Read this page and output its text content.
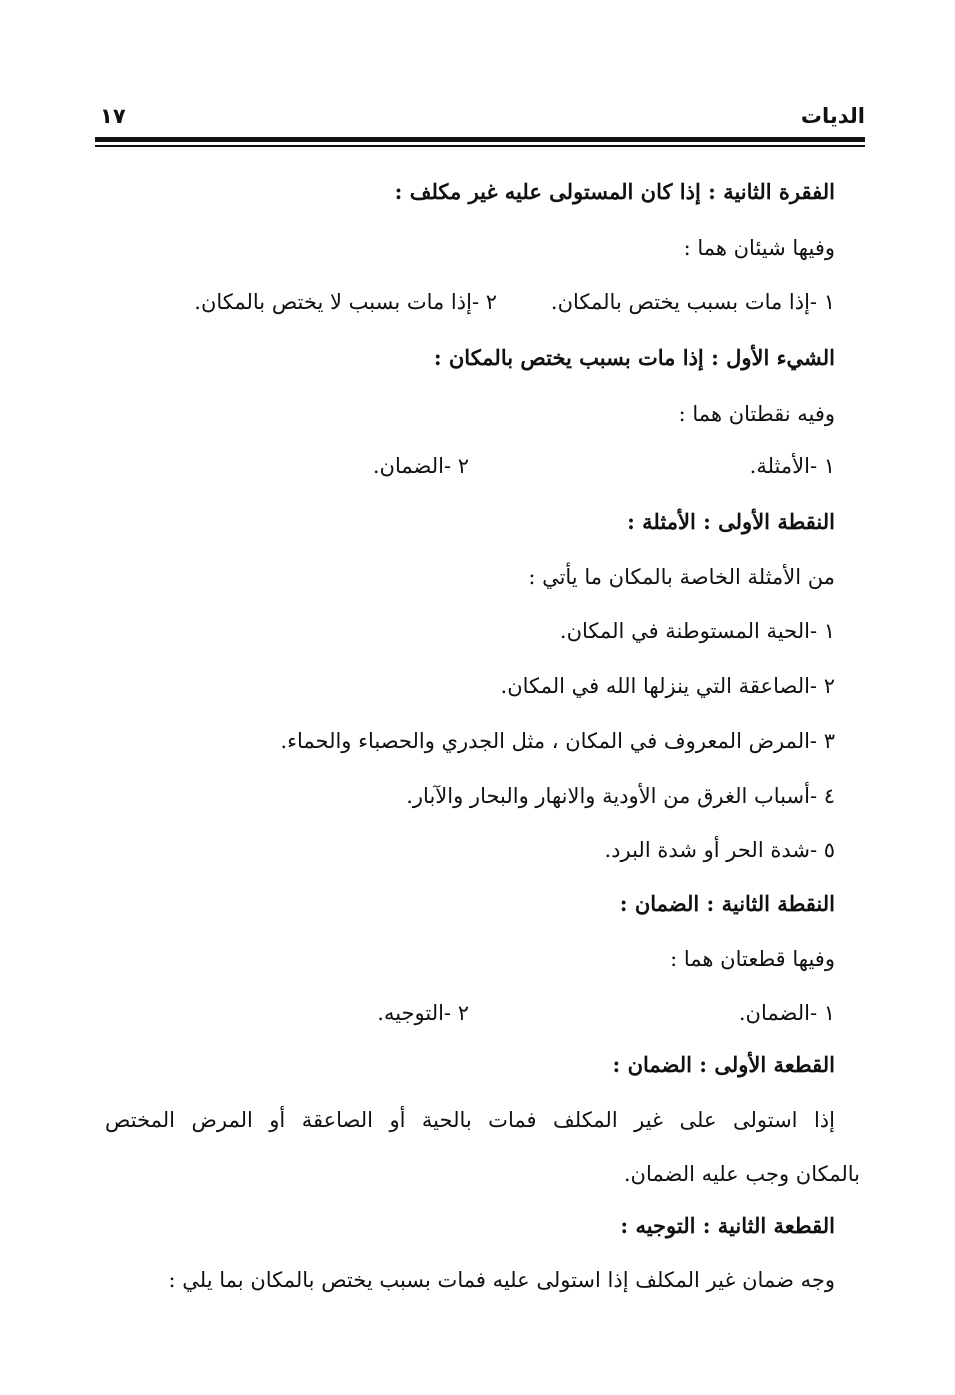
الديات
١٧
الفقرة الثانية : إذا كان المستولى عليه غير مكلف :
وفيها شيئان هما :
١ -إذا مات بسبب يختص بالمكان.
٢ -إذا مات بسبب لا يختص بالمكان.
الشيء الأول : إذا مات بسبب يختص بالمكان :
وفيه نقطتان هما :
١ -الأمثلة.
٢ -الضمان.
النقطة الأولى : الأمثلة :
من الأمثلة الخاصة بالمكان ما يأتي :
١ -الحية المستوطنة في المكان.
٢ -الصاعقة التي ينزلها الله في المكان.
٣ -المرض المعروف في المكان ، مثل الجدري والحصباء والحماء.
٤ -أسباب الغرق من الأودية والانهار والبحار والآبار.
٥ -شدة الحر أو شدة البرد.
النقطة الثانية : الضمان :
وفيها قطعتان هما :
١ -الضمان.
٢ -التوجيه.
القطعة الأولى : الضمان :
إذا استولى على غير المكلف فمات بالحية أو الصاعقة أو المرض المختص
بالمكان وجب عليه الضمان.
القطعة الثانية : التوجيه :
وجه ضمان غير المكلف إذا استولى عليه فمات بسبب يختص بالمكان بما يلي :
